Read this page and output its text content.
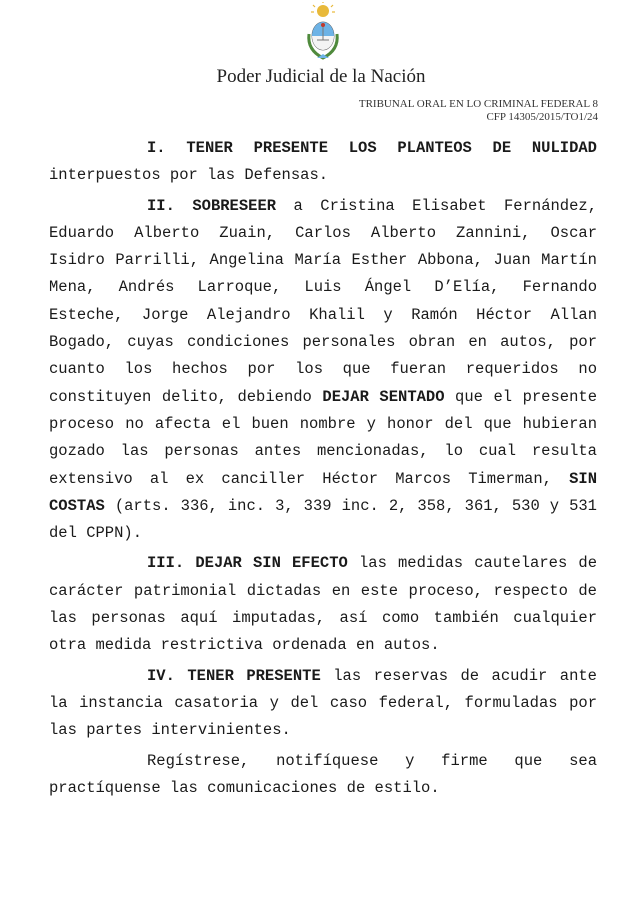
Poder Judicial de la Nación
TRIBUNAL ORAL EN LO CRIMINAL FEDERAL 8
CFP 14305/2015/TO1/24

I. TENER PRESENTE LOS PLANTEOS DE NULIDAD interpuestos por las Defensas.

II. SOBRESEER a Cristina Elisabet Fernández, Eduardo Alberto Zuain, Carlos Alberto Zannini, Oscar Isidro Parrilli, Angelina María Esther Abbona, Juan Martín Mena, Andrés Larroque, Luis Ángel D’Elía, Fernando Esteche, Jorge Alejandro Khalil y Ramón Héctor Allan Bogado, cuyas condiciones personales obran en autos, por cuanto los hechos por los que fueran requeridos no constituyen delito, debiendo DEJAR SENTADO que el presente proceso no afecta el buen nombre y honor del que hubieran gozado las personas antes mencionadas, lo cual resulta extensivo al ex canciller Héctor Marcos Timerman, SIN COSTAS (arts. 336, inc. 3, 339 inc. 2, 358, 361, 530 y 531 del CPPN).

III. DEJAR SIN EFECTO las medidas cautelares de carácter patrimonial dictadas en este proceso, respecto de las personas aquí imputadas, así como también cualquier otra medida restrictiva ordenada en autos.

IV. TENER PRESENTE las reservas de acudir ante la instancia casatoria y del caso federal, formuladas por las partes intervinientes.

Regístrese, notifíquese y firme que sea practíquense las comunicaciones de estilo.
